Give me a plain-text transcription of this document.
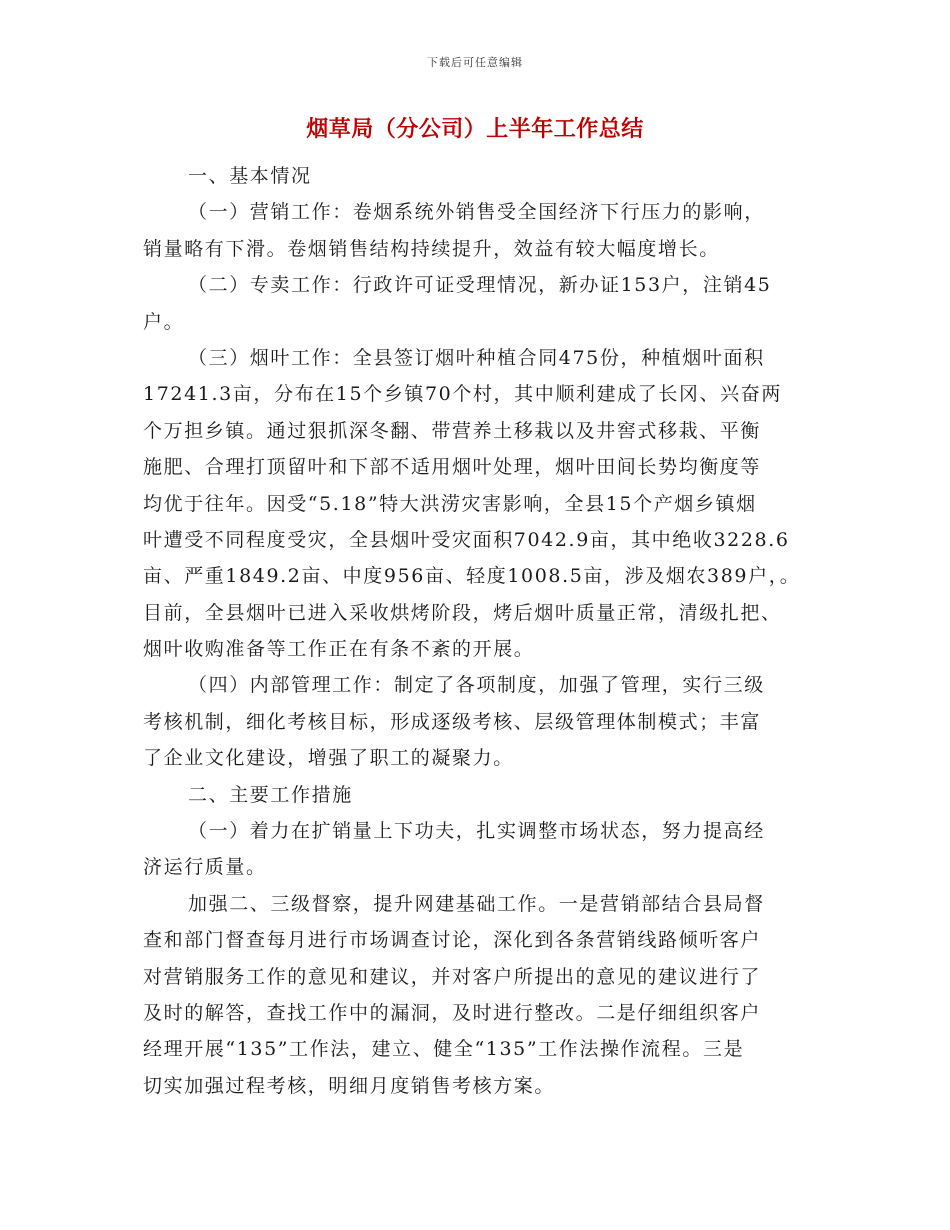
下载后可任意编辑
烟草局（分公司）上半年工作总结
一、基本情况
（一）营销工作：卷烟系统外销售受全国经济下行压力的影响，
销量略有下滑。卷烟销售结构持续提升，效益有较大幅度增长。
（二）专卖工作：行政许可证受理情况，新办证153户，注销45
户。
（三）烟叶工作：全县签订烟叶种植合同475份，种植烟叶面积
17241.3亩，分布在15个乡镇70个村，其中顺利建成了长冈、兴奋两
个万担乡镇。通过狠抓深冬翻、带营养土移栽以及井窖式移栽、平衡
施肥、合理打顶留叶和下部不适用烟叶处理，烟叶田间长势均衡度等
均优于往年。因受“5.18”特大洪涝灾害影响，全县15个产烟乡镇烟
叶遭受不同程度受灾，全县烟叶受灾面积7042.9亩，其中绝收3228.6
亩、严重1849.2亩、中度956亩、轻度1008.5亩，涉及烟农389户，。
目前，全县烟叶已进入采收烘烤阶段，烤后烟叶质量正常，清级扎把、
烟叶收购准备等工作正在有条不紊的开展。
（四）内部管理工作：制定了各项制度，加强了管理，实行三级
考核机制，细化考核目标，形成逐级考核、层级管理体制模式；丰富
了企业文化建设，增强了职工的凝聚力。
二、主要工作措施
（一）着力在扩销量上下功夫，扎实调整市场状态，努力提高经
济运行质量。
加强二、三级督察，提升网建基础工作。一是营销部结合县局督
查和部门督查每月进行市场调查讨论，深化到各条营销线路倾听客户
对营销服务工作的意见和建议，并对客户所提出的意见的建议进行了
及时的解答，查找工作中的漏洞，及时进行整改。二是仔细组织客户
经理开展“135”工作法，建立、健全“135”工作法操作流程。三是
切实加强过程考核，明细月度销售考核方案。
